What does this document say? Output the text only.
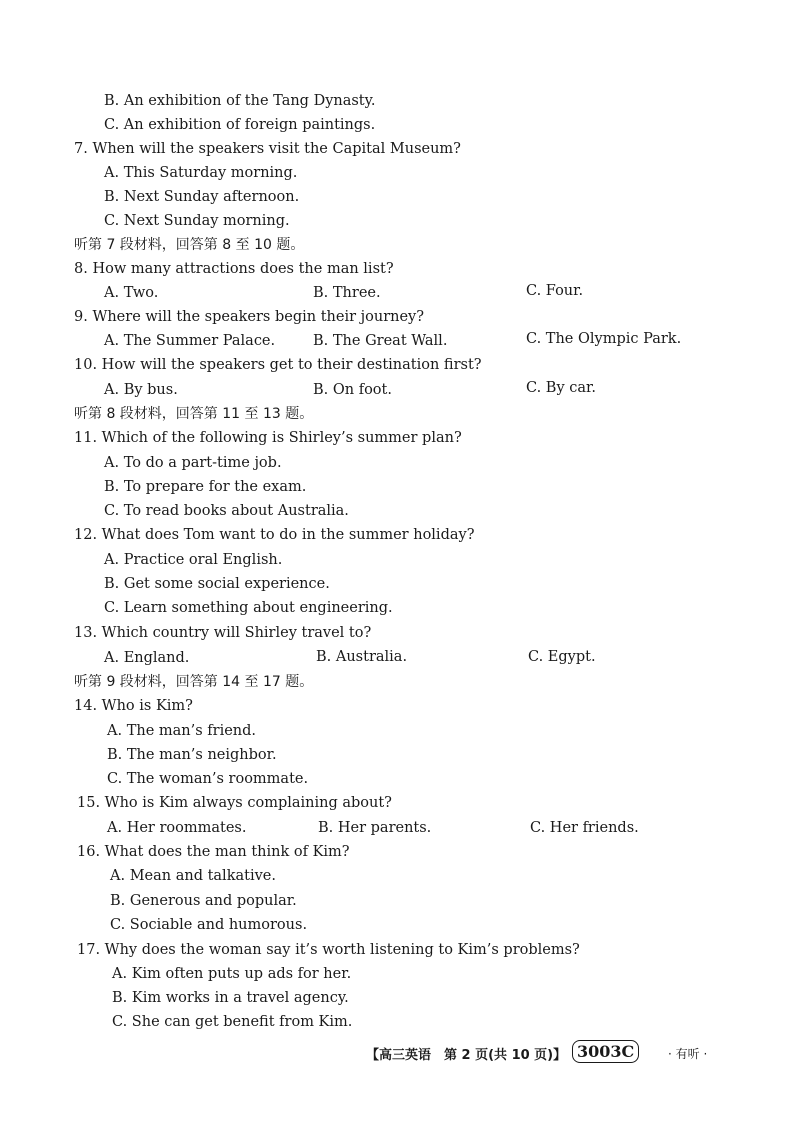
B. An exhibition of the Tang Dynasty.
C. An exhibition of foreign paintings.
7. When will the speakers visit the Capital Museum?
A. This Saturday morning.
B. Next Sunday afternoon.
C. Next Sunday morning.
听第 7 段材料，回答第 8 至 10 题。
8. How many attractions does the man list?
A. Two.	B. Three.	C. Four.
9. Where will the speakers begin their journey?
A. The Summer Palace.	B. The Great Wall.	C. The Olympic Park.
10. How will the speakers get to their destination first?
A. By bus.	B. On foot.	C. By car.
听第 8 段材料，回答第 11 至 13 题。
11. Which of the following is Shirley’s summer plan?
A. To do a part-time job.
B. To prepare for the exam.
C. To read books about Australia.
12. What does Tom want to do in the summer holiday?
A. Practice oral English.
B. Get some social experience.
C. Learn something about engineering.
13. Which country will Shirley travel to?
A. England.	B. Australia.	C. Egypt.
听第 9 段材料，回答第 14 至 17 题。
14. Who is Kim?
A. The man’s friend.
B. The man’s neighbor.
C. The woman’s roommate.
15. Who is Kim always complaining about?
A. Her roommates.	B. Her parents.	C. Her friends.
16. What does the man think of Kim?
A. Mean and talkative.
B. Generous and popular.
C. Sociable and humorous.
17. Why does the woman say it’s worth listening to Kim’s problems?
A. Kim often puts up ads for her.
B. Kim works in a travel agency.
C. She can get benefit from Kim.
【高三英语　第 2 页(共 10 页)】 3003C	· 有听 ·
